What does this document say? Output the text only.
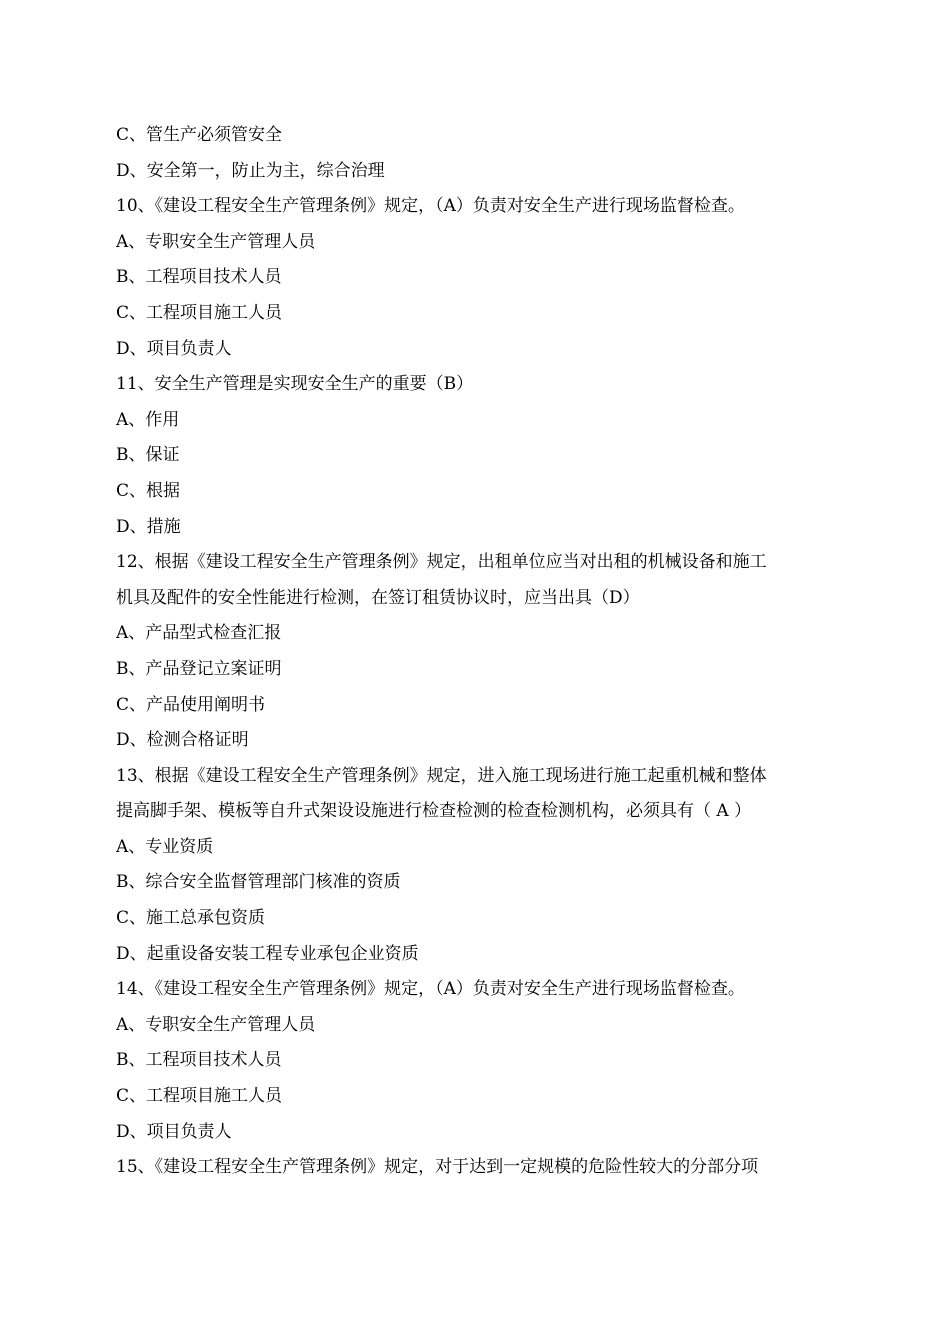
C、管生产必须管安全
D、安全第一，防止为主，综合治理
10、《建设工程安全生产管理条例》规定，（A）负责对安全生产进行现场监督检查。
A、专职安全生产管理人员
B、工程项目技术人员
C、工程项目施工人员
D、项目负责人
11、安全生产管理是实现安全生产的重要（B）
A、作用
B、保证
C、根据
D、措施
12、根据《建设工程安全生产管理条例》规定，出租单位应当对出租的机械设备和施工
机具及配件的安全性能进行检测，在签订租赁协议时，应当出具（D）
A、产品型式检查汇报
B、产品登记立案证明
C、产品使用阐明书
D、检测合格证明
13、根据《建设工程安全生产管理条例》规定，进入施工现场进行施工起重机械和整体
提高脚手架、模板等自升式架设设施进行检查检测的检查检测机构，必须具有（ A ）
A、专业资质
B、综合安全监督管理部门核准的资质
C、施工总承包资质
D、起重设备安装工程专业承包企业资质
14、《建设工程安全生产管理条例》规定，（A）负责对安全生产进行现场监督检查。
A、专职安全生产管理人员
B、工程项目技术人员
C、工程项目施工人员
D、项目负责人
15、《建设工程安全生产管理条例》规定，对于达到一定规模的危险性较大的分部分项
